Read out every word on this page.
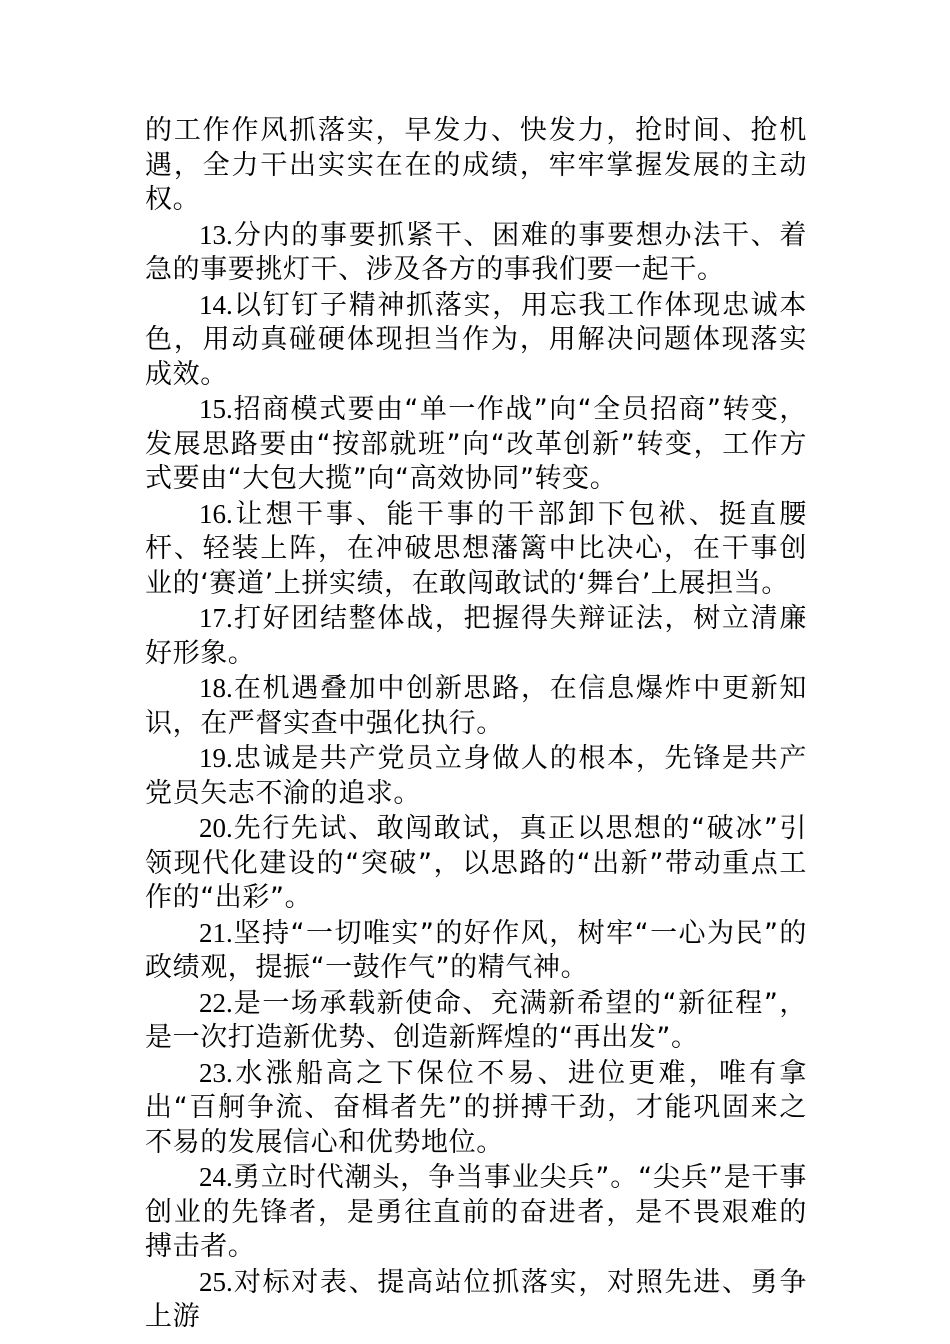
的工作作风抓落实，早发力、快发力，抢时间、抢机遇，全力干出实实在在的成绩，牢牢掌握发展的主动权。

13.分内的事要抓紧干、困难的事要想办法干、着急的事要挑灯干、涉及各方的事我们要一起干。

14.以钉钉子精神抓落实，用忘我工作体现忠诚本色，用动真碰硬体现担当作为，用解决问题体现落实成效。

15.招商模式要由“单一作战”向“全员招商”转变，发展思路要由“按部就班”向“改革创新”转变，工作方式要由“大包大揽”向“高效协同”转变。

16.让想干事、能干事的干部卸下包袱、挺直腰杆、轻装上阵，在冲破思想藩篱中比决心，在干事创业的‘赛道’上拼实绩，在敢闯敢试的‘舞台’上展担当。

17.打好团结整体战，把握得失辩证法，树立清廉好形象。

18.在机遇叠加中创新思路，在信息爆炸中更新知识，在严督实查中强化执行。

19.忠诚是共产党员立身做人的根本，先锋是共产党员矢志不渝的追求。

20.先行先试、敢闯敢试，真正以思想的“破冰”引领现代化建设的“突破”，以思路的“出新”带动重点工作的“出彩”。

21.坚持“一切唯实”的好作风，树牢“一心为民”的政绩观，提振“一鼓作气”的精气神。

22.是一场承载新使命、充满新希望的“新征程”，是一次打造新优势、创造新辉煌的“再出发”。

23.水涨船高之下保位不易、进位更难，唯有拿出“百舸争流、奋楫者先”的拼搏干劲，才能巩固来之不易的发展信心和优势地位。

24.勇立时代潮头，争当事业尖兵”。“尖兵”是干事创业的先锋者，是勇往直前的奋进者，是不畏艰难的搏击者。

25.对标对表、提高站位抓落实，对照先进、勇争上游
